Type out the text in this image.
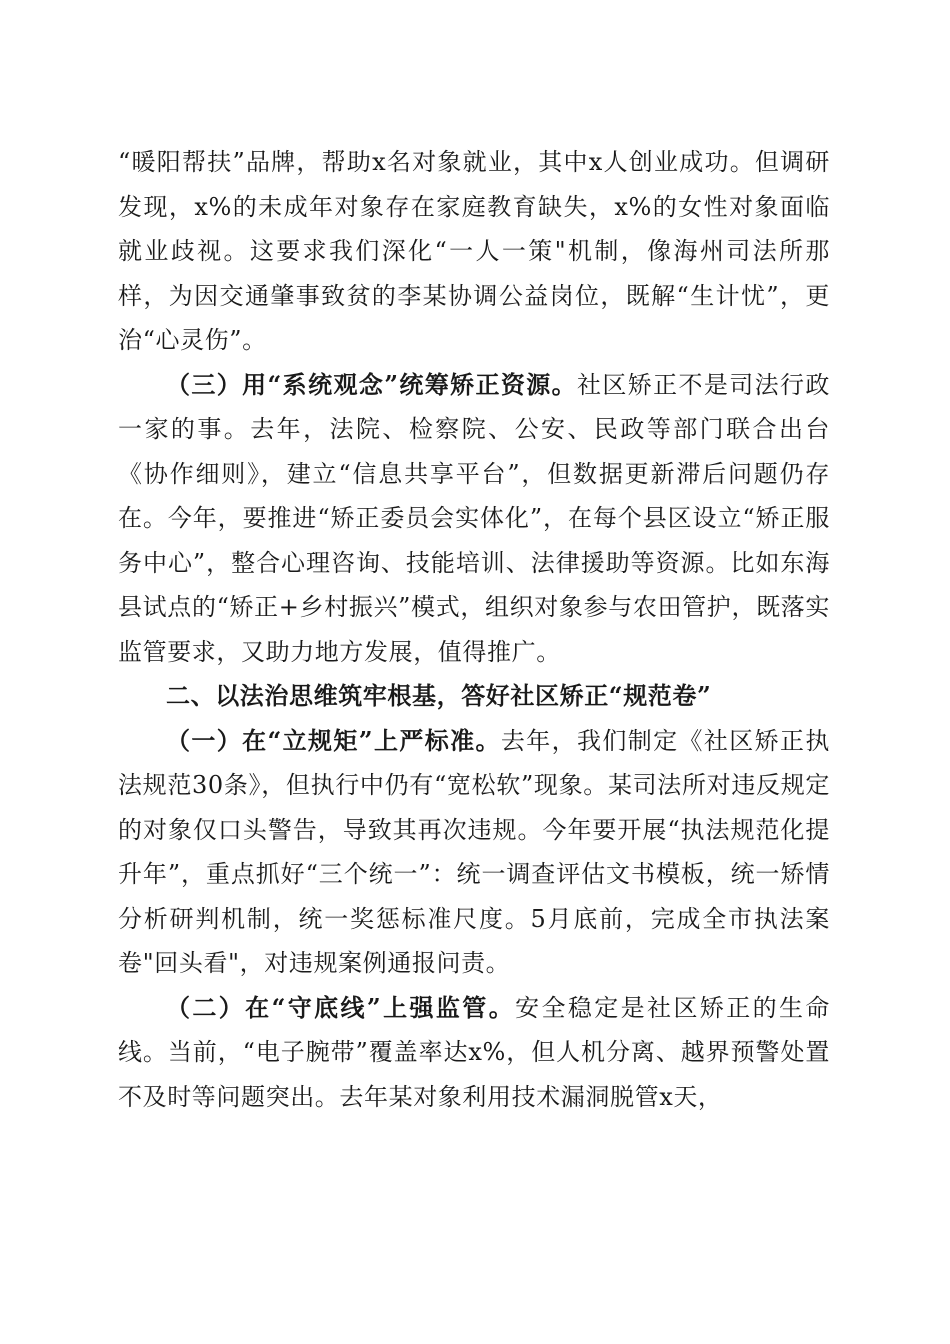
“暖阳帮扶”品牌，帮助x名对象就业，其中x人创业成功。但调研发现，x%的未成年对象存在家庭教育缺失，x%的女性对象面临就业歧视。这要求我们深化“一人一策"机制，像海州司法所那样，为因交通肇事致贫的李某协调公益岗位，既解“生计忧”，更治“心灵伤”。

（三）用“系统观念”统筹矫正资源。社区矫正不是司法行政一家的事。去年，法院、检察院、公安、民政等部门联合出台《协作细则》，建立“信息共享平台”，但数据更新滞后问题仍存在。今年，要推进“矫正委员会实体化”，在每个县区设立“矫正服务中心”，整合心理咨询、技能培训、法律援助等资源。比如东海县试点的“矫正+乡村振兴”模式，组织对象参与农田管护，既落实监管要求，又助力地方发展，值得推广。

二、以法治思维筑牢根基，答好社区矫正“规范卷”

（一）在“立规矩”上严标准。去年，我们制定《社区矫正执法规范30条》，但执行中仍有“宽松软”现象。某司法所对违反规定的对象仅口头警告，导致其再次违规。今年要开展“执法规范化提升年”，重点抓好“三个统一”：统一调查评估文书模板，统一矫情分析研判机制，统一奖惩标准尺度。5月底前，完成全市执法案卷"回头看"，对违规案例通报问责。

（二）在“守底线”上强监管。安全稳定是社区矫正的生命线。当前，“电子腕带”覆盖率达x%，但人机分离、越界预警处置不及时等问题突出。去年某对象利用技术漏洞脱管x天，
